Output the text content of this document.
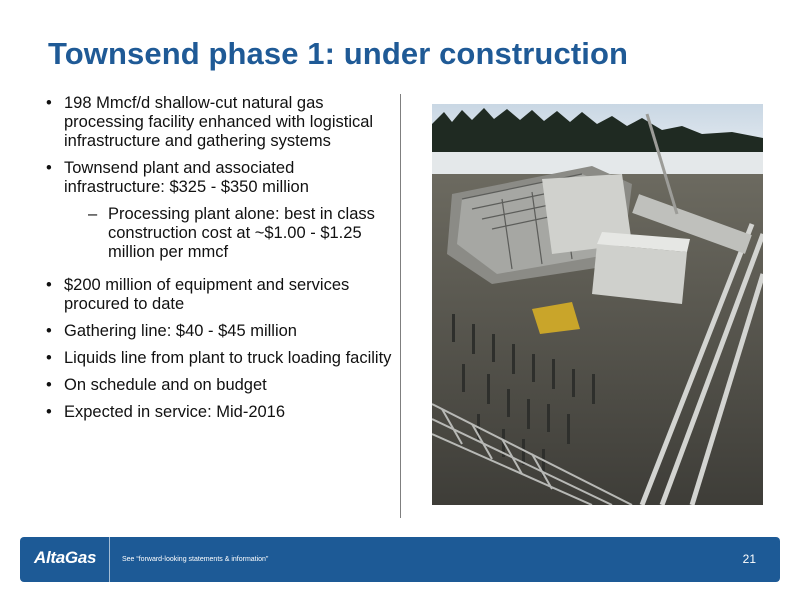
Townsend phase 1: under construction
• 198 Mmcf/d shallow-cut natural gas processing facility enhanced with logistical infrastructure and gathering systems
• Townsend plant and associated infrastructure: $325 - $350 million
– Processing plant alone: best in class construction cost at ~$1.00 - $1.25 million per mmcf
• $200 million of equipment and services procured to date
• Gathering line: $40 - $45 million
• Liquids line from plant to truck loading facility
• On schedule and on budget
• Expected in service: Mid-2016
AltaGas	See “forward-looking statements & information”	21
